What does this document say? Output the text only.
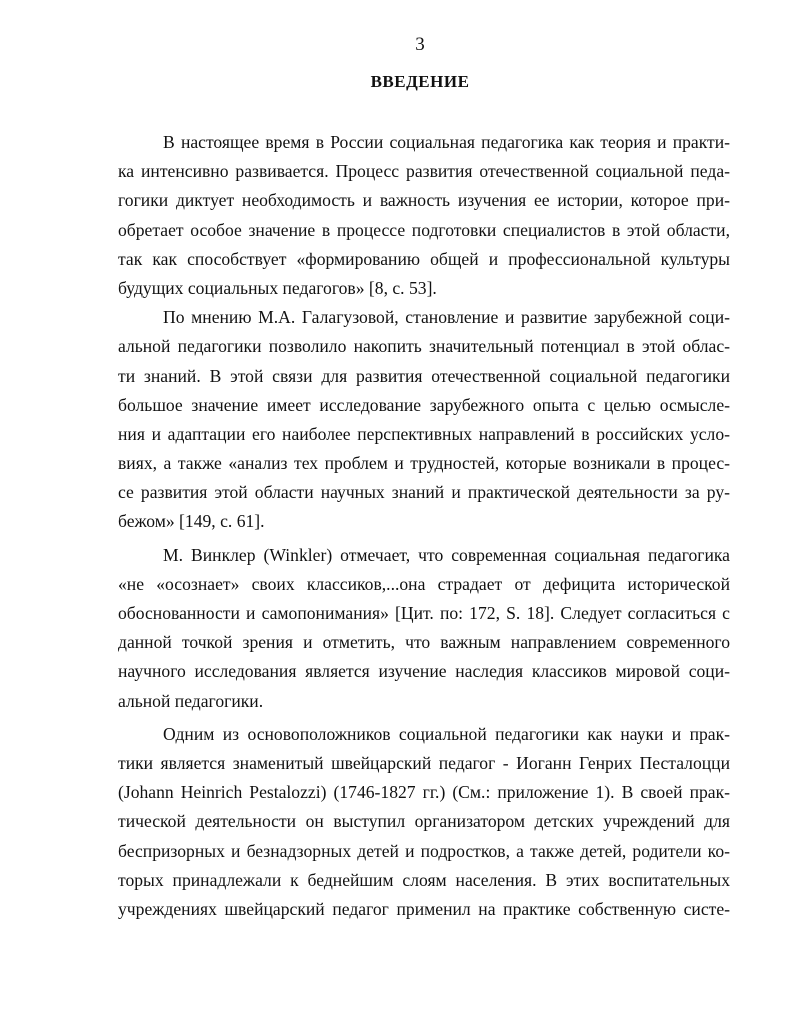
3
ВВЕДЕНИЕ
В настоящее время в России социальная педагогика как теория и практи-
ка интенсивно развивается. Процесс развития отечественной социальной педа-
гогики диктует необходимость и важность изучения ее истории, которое при-
обретает особое значение в процессе подготовки специалистов в этой области,
так как способствует «формированию общей и профессиональной культуры
будущих социальных педагогов» [8, с. 53].
По мнению М.А. Галагузовой, становление и развитие зарубежной соци-
альной педагогики позволило накопить значительный потенциал в этой облас-
ти знаний. В этой связи для развития отечественной социальной педагогики
большое значение имеет исследование зарубежного опыта с целью осмысле-
ния и адаптации его наиболее перспективных направлений в российских усло-
виях, а также «анализ тех проблем и трудностей, которые возникали в процес-
се развития этой области научных знаний и практической деятельности за ру-
бежом» [149, с. 61].
М. Винклер (Winkler) отмечает, что современная социальная педагогика
«не «осознает» своих классиков,...она страдает от дефицита исторической
обоснованности и самопонимания» [Цит. по: 172, S. 18]. Следует согласиться с
данной точкой зрения и отметить, что важным направлением современного
научного исследования является изучение наследия классиков мировой соци-
альной педагогики.
Одним из основоположников социальной педагогики как науки и прак-
тики является знаменитый швейцарский педагог - Иоганн Генрих Песталоцци
(Johann Heinrich Pestalozzi) (1746-1827 гг.) (См.: приложение 1). В своей прак-
тической деятельности он выступил организатором детских учреждений для
беспризорных и безнадзорных детей и подростков, а также детей, родители ко-
торых принадлежали к беднейшим слоям населения. В этих воспитательных
учреждениях швейцарский педагог применил на практике собственную систе-
